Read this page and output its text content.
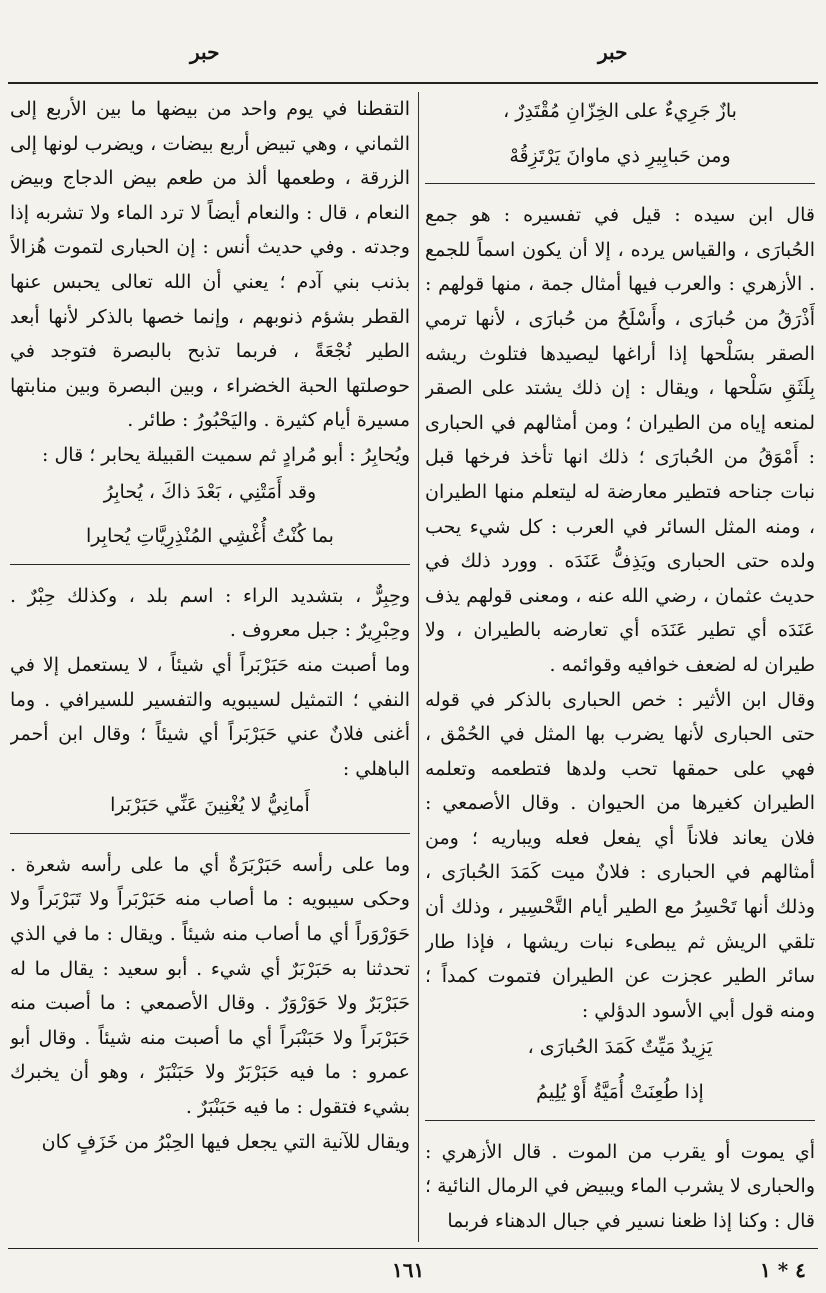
حبر
حبر

بازٌ جَرِيءٌ على الخِزّانِ مُقْتَدِرٌ ،

ومن حَبابِيرِ ذي ماوانَ يَرْتَزِقُهْ

قال ابن سيده : قيل في تفسيره : هو جمع الحُبارَى ، والقياس يرده ، إلا أن يكون اسماً للجمع . الأزهري : والعرب فيها أمثال جمة ، منها قولهم : أَذْرَقُ من حُبارَى ، وأَسْلَحُ من حُبارَى ، لأنها ترمي الصقر بسَلْحها إذا أراغها ليصيدها فتلوث ريشه بِلَثَقِ سَلْحها ، ويقال : إن ذلك يشتد على الصقر لمنعه إياه من الطيران ؛ ومن أمثالهم في الحبارى : أَمْوَقُ من الحُبارَى ؛ ذلك انها تأخذ فرخها قبل نبات جناحه فتطير معارضة له ليتعلم منها الطيران ، ومنه المثل السائر في العرب : كل شيء يحب ولده حتى الحبارى ويَذِفُّ عَنَدَه . وورد ذلك في حديث عثمان ، رضي الله عنه ، ومعنى قولهم يذف عَنَدَه أي تطير عَنَدَه أي تعارضه بالطيران ، ولا طيران له لضعف خوافيه وقوائمه .

وقال ابن الأثير : خص الحبارى بالذكر في قوله حتى الحبارى لأنها يضرب بها المثل في الحُمْق ، فهي على حمقها تحب ولدها فتطعمه وتعلمه الطيران كغيرها من الحيوان . وقال الأصمعي : فلان يعاند فلاناً أي يفعل فعله ويباريه ؛ ومن أمثالهم في الحبارى : فلانٌ ميت كَمَدَ الحُبارَى ، وذلك أنها تَحْسِرُ مع الطير أيام التَّحْسِير ، وذلك أن تلقي الريش ثم يبطىء نبات ريشها ، فإذا طار سائر الطير عجزت عن الطيران فتموت كمداً ؛ ومنه قول أبي الأسود الدؤلي :

يَزِيدٌ مَيِّتٌ كَمَدَ الحُبارَى ،

إذا طُعِنَتْ أُمَيَّةُ أَوْ يُلِيمُ

أي يموت أو يقرب من الموت . قال الأزهري : والحبارى لا يشرب الماء ويبيض في الرمال النائية ؛ قال : وكنا إذا ظعنا نسير في جبال الدهناء فربما

التقطنا في يوم واحد من بيضها ما بين الأربع إلى الثماني ، وهي تبيض أربع بيضات ، ويضرب لونها إلى الزرقة ، وطعمها ألذ من طعم بيض الدجاج وبيض النعام ، قال : والنعام أيضاً لا ترد الماء ولا تشربه إذا وجدته . وفي حديث أنس : إن الحبارى لتموت هُزالاً بذنب بني آدم ؛ يعني أن الله تعالى يحبس عنها القطر بشؤم ذنوبهم ، وإنما خصها بالذكر لأنها أبعد الطير نُجْعَةً ، فربما تذبح بالبصرة فتوجد في حوصلتها الحبة الخضراء ، وبين البصرة وبين منابتها مسيرة أيام كثيرة . واليَحْبُورُ : طائر .

ويُحابِرُ : أبو مُرادٍ ثم سميت القبيلة يحابر ؛ قال :

وقد أَمَتْنِي ، بَعْدَ ذاكَ ، يُحابِرُ

بما كُنْتُ أُغْشِي المُنْذِرِيَّاتِ يُحابِرا

وحِبِرٌّ ، بتشديد الراء : اسم بلد ، وكذلك حِبْرٌ . وحِبْرِيرٌ : جبل معروف .

وما أصبت منه حَبَرْبَراً أي شيئاً ، لا يستعمل إلا في النفي ؛ التمثيل لسيبويه والتفسير للسيرافي . وما أغنى فلانٌ عني حَبَرْبَراً أي شيئاً ؛ وقال ابن أحمر الباهلي :

أَمانِيُّ لا يُغْنِينَ عَنِّي حَبَرْبَرا

وما على رأسه حَبَرْبَرَةٌ أي ما على رأسه شعرة . وحكى سيبويه : ما أصاب منه حَبَرْبَراً ولا تَبَرْبَراً ولا حَوَرْوَراً أي ما أصاب منه شيئاً . ويقال : ما في الذي تحدثنا به حَبَرْبَرٌ أي شيء . أبو سعيد : يقال ما له حَبَرْبَرٌ ولا حَوَرْوَرٌ . وقال الأصمعي : ما أصبت منه حَبَرْبَراً ولا حَبَنْبَراً أي ما أصبت منه شيئاً . وقال أبو عمرو : ما فيه حَبَرْبَرٌ ولا حَبَنْبَرٌ ، وهو أن يخبرك بشيء فتقول : ما فيه حَبَنْبَرٌ .

ويقال للآنية التي يجعل فيها الحِبْرُ من خَزَفٍ كان

١٦١	٤ * ١
